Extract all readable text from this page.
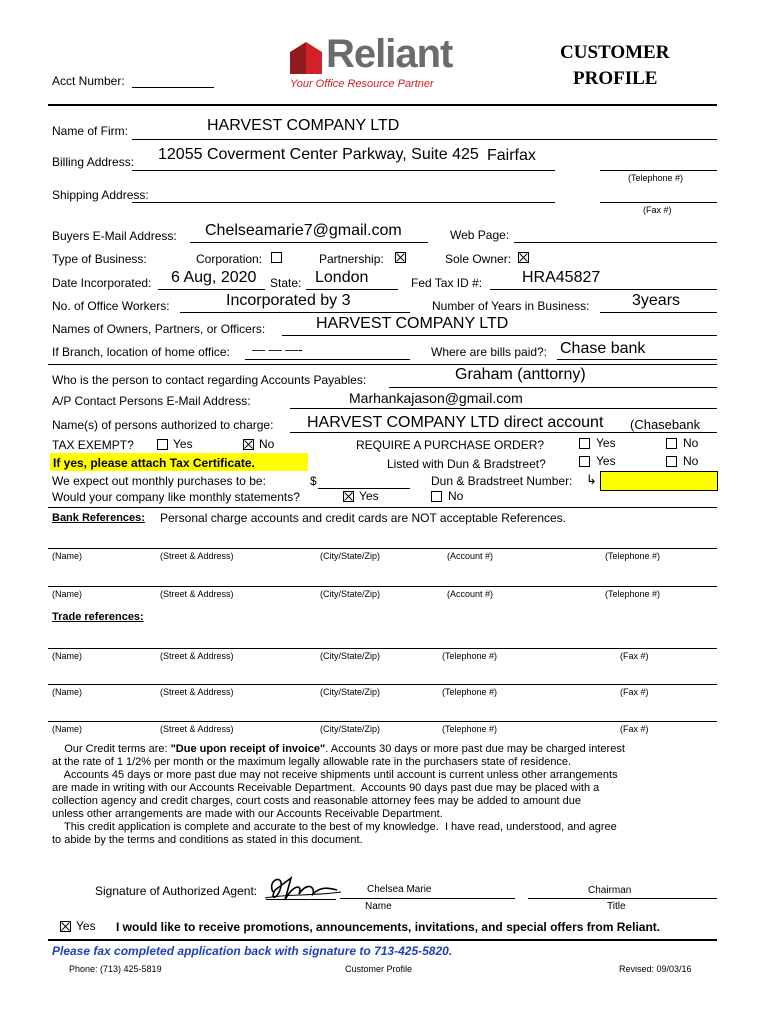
Reliant
Your Office Resource Partner
CUSTOMER
PROFILE
Acct Number:
Name of Firm:	HARVEST COMPANY LTD
Billing Address: 12055 Coverment Center Parkway, Suite 425 Fairfax
(Telephone #)
Shipping Address:
(Fax #)
Buyers E-Mail Address: Chelseamarie7@gmail.com	Web Page:
Type of Business:	Corporation:	Partnership:	Sole Owner:
Date Incorporated: 6 Aug, 2020 State: London	Fed Tax ID #: HRA45827
No. of Office Workers:	Incorporated by 3	Number of Years in Business:	3years
Names of Owners, Partners, or Officers:	HARVEST COMPANY LTD
If Branch, location of home office: — — —-	Where are bills paid?: Chase bank
Who is the person to contact regarding Accounts Payables:	Graham (anttorny)
A/P Contact Persons E-Mail Address:	Marhankajason@gmail.com
Name(s) of persons authorized to charge: HARVEST COMPANY LTD direct account (Chasebank
TAX EXEMPT?	Yes	No	REQUIRE A PURCHASE ORDER?	Yes	No
If yes, please attach Tax Certificate.	Listed with Dun & Bradstreet?	Yes	No
We expect out monthly purchases to be:	$	Dun & Bradstreet Number: ↳
Would your company like monthly statements?	Yes	No
Bank References: Personal charge accounts and credit cards are NOT acceptable References.
(Name)	(Street & Address)	(City/State/Zip)	(Account #)	(Telephone #)
(Name)	(Street & Address)	(City/State/Zip)	(Account #)	(Telephone #)
Trade references:
(Name)	(Street & Address)	(City/State/Zip)	(Telephone #)	(Fax #)
(Name)	(Street & Address)	(City/State/Zip)	(Telephone #)	(Fax #)
(Name)	(Street & Address)	(City/State/Zip)	(Telephone #)	(Fax #)
Our Credit terms are: "Due upon receipt of invoice". Accounts 30 days or more past due may be charged interest
at the rate of 1 1/2% per month or the maximum legally allowable rate in the purchasers state of residence.
Accounts 45 days or more past due may not receive shipments until account is current unless other arrangements
are made in writing with our Accounts Receivable Department.  Accounts 90 days past due may be placed with a
collection agency and credit charges, court costs and reasonable attorney fees may be added to amount due
unless other arrangements are made with our Accounts Receivable Department.
This credit application is complete and accurate to the best of my knowledge.  I have read, understood, and agree
to abide by the terms and conditions as stated in this document.
Signature of Authorized Agent:	Chelsea Marie
Name
Chairman
Title
Yes I would like to receive promotions, announcements, invitations, and special offers from Reliant.
Please fax completed application back with signature to 713-425-5820.
Phone: (713) 425-5819	Customer Profile	Revised: 09/03/16
